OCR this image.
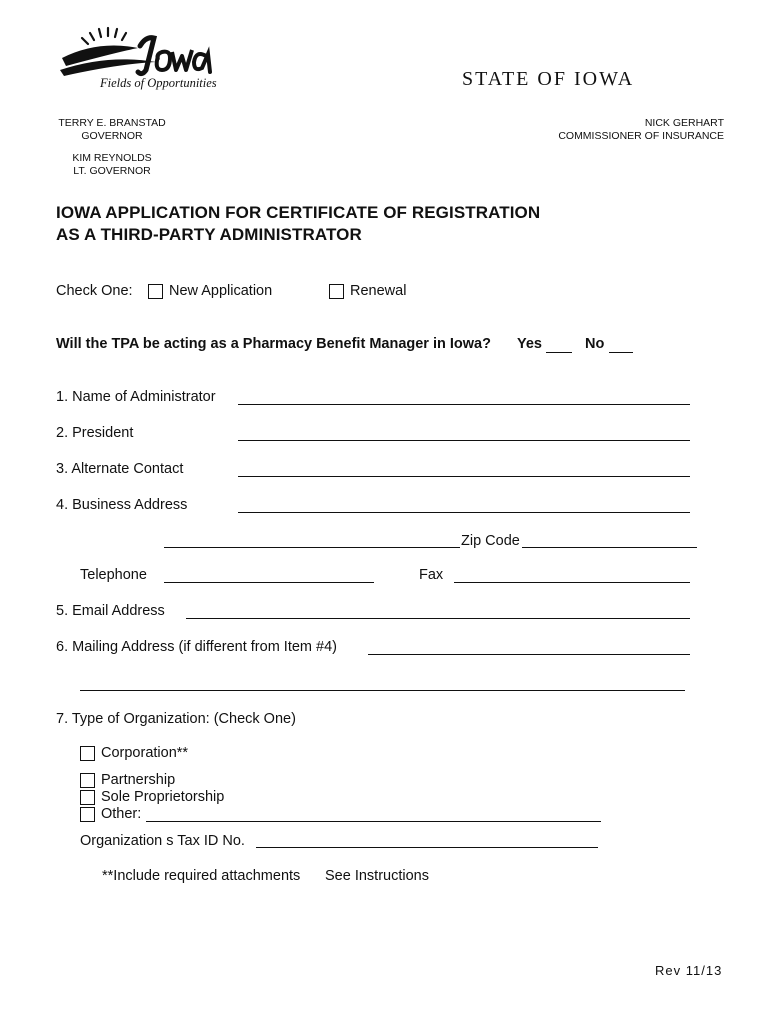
Fields of Opportunities	STATE OF IOWA
TERRY E. BRANSTAD
GOVERNOR
KIM REYNOLDS
LT. GOVERNOR
NICK GERHART
COMMISSIONER OF INSURANCE
IOWA APPLICATION FOR CERTIFICATE OF REGISTRATION
AS A THIRD-PARTY ADMINISTRATOR
Check One:	New Application	Renewal
Will the TPA be acting as a Pharmacy Benefit Manager in Iowa? Yes	No
1. Name of Administrator
2. President
3. Alternate Contact
4. Business Address
Zip Code
Telephone	Fax
5. Email Address
6. Mailing Address (if different from Item #4)
7. Type of Organization: (Check One)
Corporation**
Partnership
Sole Proprietorship
Other:
Organization s Tax ID No.
**Include required attachments See Instructions
Rev 11/13
